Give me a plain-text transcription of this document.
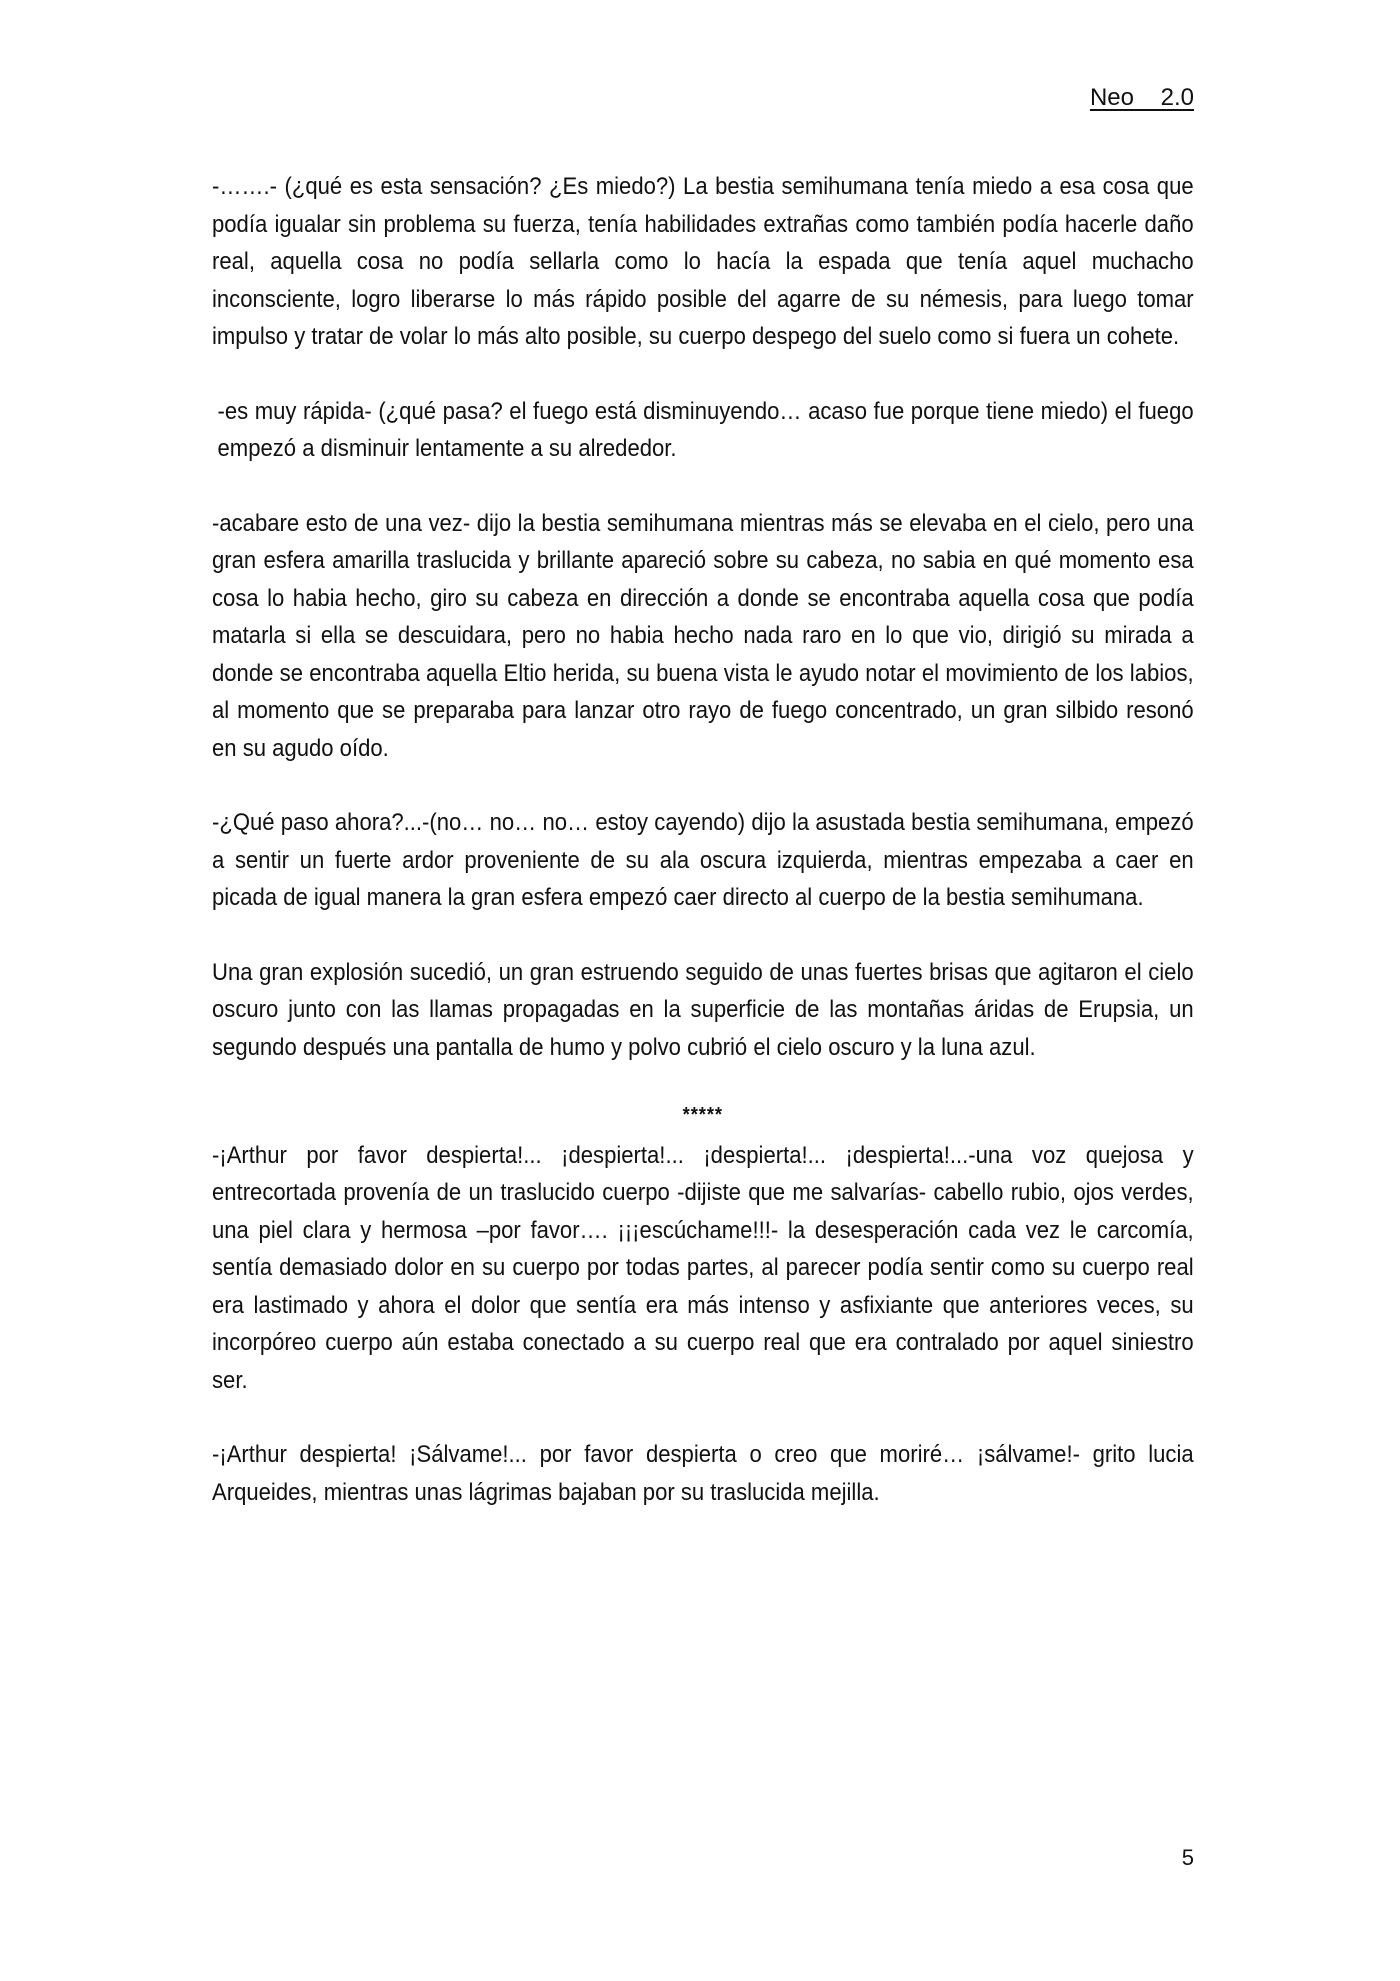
Neo    2.0

-…….- (¿qué es esta sensación? ¿Es miedo?) La bestia semihumana tenía miedo a esa cosa que podía igualar sin problema su fuerza, tenía habilidades extrañas como también podía hacerle daño real, aquella cosa no podía sellarla como lo hacía la espada que tenía aquel muchacho inconsciente, logro liberarse lo más rápido posible del agarre de su némesis, para luego tomar impulso y tratar de volar lo más alto posible, su cuerpo despego del suelo como si fuera un cohete.

-es muy rápida- (¿qué pasa? el fuego está disminuyendo… acaso fue porque tiene miedo) el fuego empezó a disminuir lentamente a su alrededor.

-acabare esto de una vez- dijo la bestia semihumana mientras más se elevaba en el cielo, pero una gran esfera amarilla traslucida y brillante apareció sobre su cabeza, no sabia en qué momento esa cosa lo habia hecho, giro su cabeza en dirección a donde se encontraba aquella cosa que podía matarla si ella se descuidara, pero no habia hecho nada raro en lo que vio, dirigió su mirada a donde se encontraba aquella Eltio herida, su buena vista le ayudo notar el movimiento de los labios, al momento que se preparaba para lanzar otro rayo de fuego concentrado, un gran silbido resonó en su agudo oído.

-¿Qué paso ahora?...-(no… no… no… estoy cayendo) dijo la asustada bestia semihumana, empezó a sentir un fuerte ardor proveniente de su ala oscura izquierda, mientras empezaba a caer en picada de igual manera la gran esfera empezó caer directo al cuerpo de la bestia semihumana.

Una gran explosión sucedió, un gran estruendo seguido de unas fuertes brisas que agitaron el cielo oscuro junto con las llamas propagadas en la superficie de las montañas áridas de Erupsia, un segundo después una pantalla de humo y polvo cubrió el cielo oscuro y la luna azul.

*****

-¡Arthur por favor despierta!... ¡despierta!... ¡despierta!... ¡despierta!...-una voz quejosa y entrecortada provenía de un traslucido cuerpo -dijiste que me salvarías- cabello rubio, ojos verdes, una piel clara y hermosa –por favor…. ¡¡¡escúchame!!!- la desesperación cada vez le carcomía, sentía demasiado dolor en su cuerpo por todas partes, al parecer podía sentir como su cuerpo real era lastimado y ahora el dolor que sentía era más intenso y asfixiante que anteriores veces, su incorpóreo cuerpo aún estaba conectado a su cuerpo real que era contralado por aquel siniestro ser.

-¡Arthur despierta! ¡Sálvame!... por favor despierta o creo que moriré… ¡sálvame!- grito lucia Arqueides, mientras unas lágrimas bajaban por su traslucida mejilla.

5
